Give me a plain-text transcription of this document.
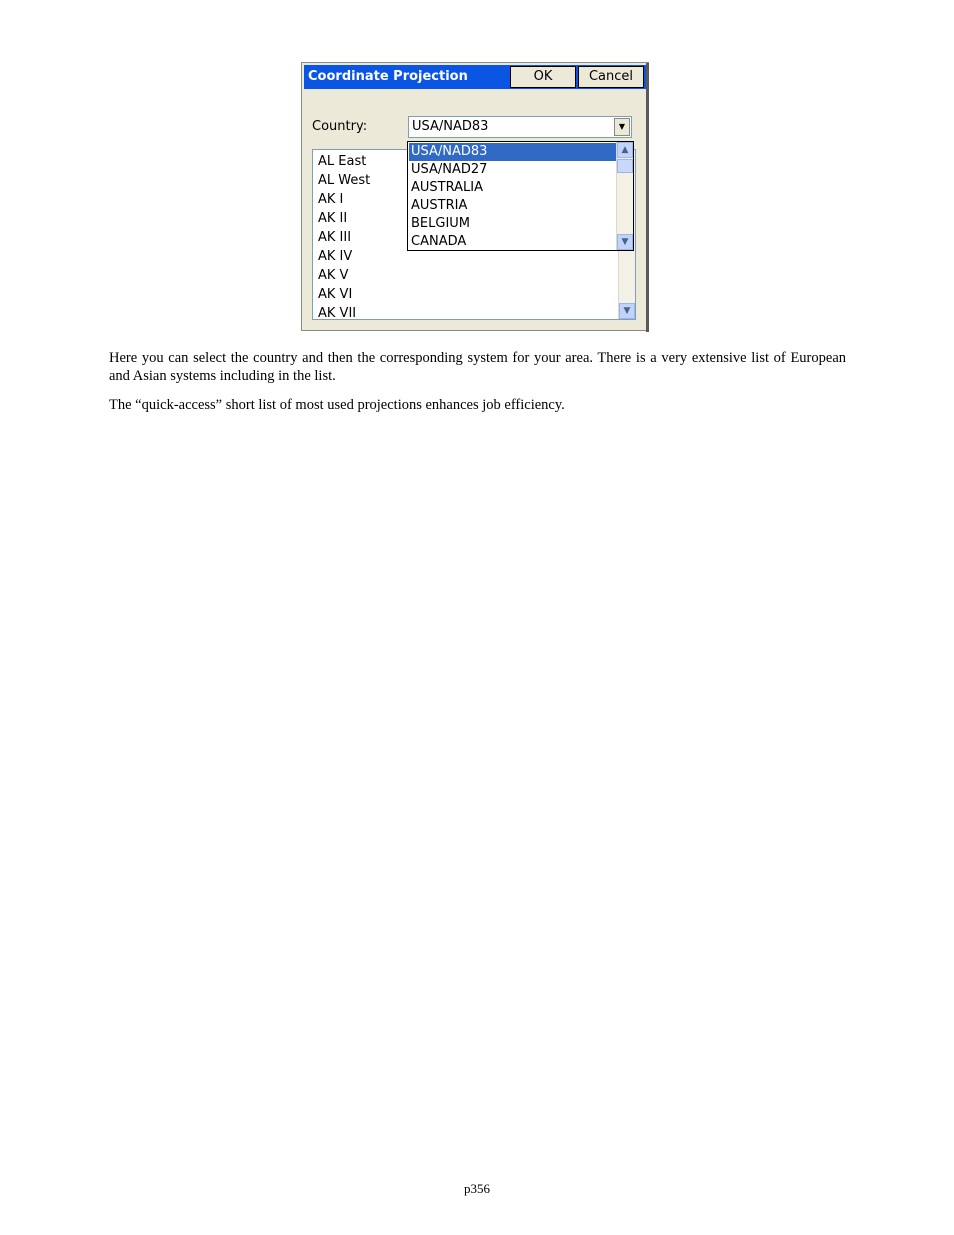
Coordinate Projection	OK	Cancel
Country:	USA/NAD83	▼
AL East
AL West
AK I
AK II
AK III
AK IV
AK V
AK VI
AK VII	▼
USA/NAD83
USA/NAD27
AUSTRALIA
AUSTRIA
BELGIUM
CANADA
▲
▼

Here you can select the country and then the corresponding system for your area. There is a very extensive list of European and Asian systems including in the list.

The “quick-access” short list of most used projections enhances job efficiency.

p356
